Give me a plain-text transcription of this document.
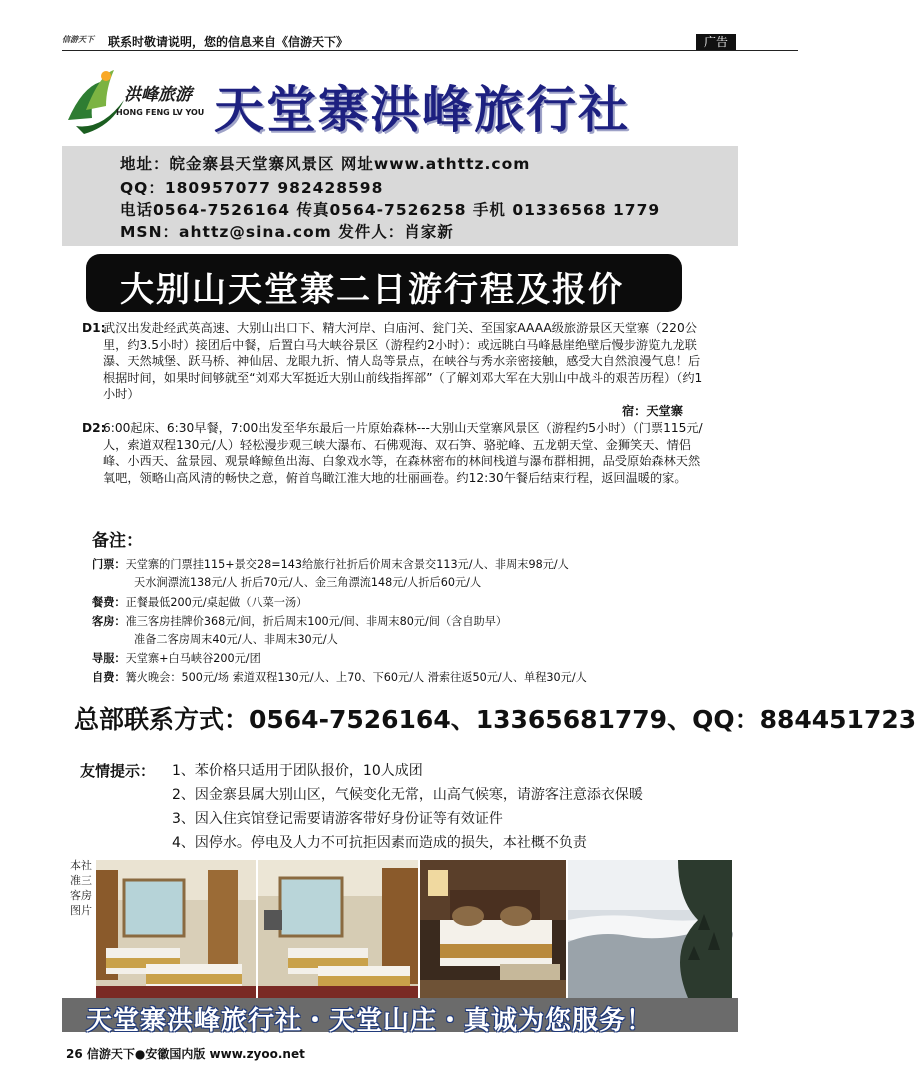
信游天下 联系时敬请说明，您的信息来自《信游天下》	广告
洪峰旅游
HONG FENG LV YOU 天堂寨洪峰旅行社
地址：皖金寨县天堂寨风景区 网址www.athttz.com
QQ：180957077 982428598
电话0564-7526164 传真0564-7526258 手机 01336568 1779
MSN：ahttz@sina.com 发件人：肖家新
大别山天堂寨二日游行程及报价
D1:
武汉出发赴经武英高速、大别山出口下、精大河岸、白庙河、瓮门关、至国家AAAA级旅游景区天堂寨（220公里，约3.5小时）接团后中餐，后置白马大峡谷景区（游程约2小时）：或远眺白马峰悬崖绝壁后慢步游览九龙联瀑、天然城堡、跃马桥、神仙居、龙眼九折、情人岛等景点，在峡谷与秀水亲密接触，感受大自然浪漫气息！后根据时间，如果时间够就至“刘邓大军挺近大别山前线指挥部”（了解刘邓大军在大别山中战斗的艰苦历程）（约1小时）
宿：天堂寨
D2:
6:00起床、6:30早餐，7:00出发至华东最后一片原始森林---大别山天堂寨风景区（游程约5小时）（门票115元/人，索道双程130元/人）轻松漫步观三峡大瀑布、石佛观海、双石笋、骆驼峰、五龙朝天堂、金狮笑天、情侣峰、小西天、盆景园、观景峰鲸鱼出海、白象戏水等，在森林密布的林间栈道与瀑布群相拥，品受原始森林天然氧吧，领略山高风清的畅快之意，俯首鸟瞰江淮大地的壮丽画卷。约12:30午餐后结束行程，返回温暖的家。
备注：
门票：天堂寨的门票挂115+景交28=143给旅行社折后价周末含景交113元/人、非周末98元/人
天水涧漂流138元/人 折后70元/人、金三角漂流148元/人折后60元/人
餐费：正餐最低200元/桌起做（八菜一汤）
客房：准三客房挂牌价368元/间，折后周末100元/间、非周末80元/间（含自助早）
准备二客房周末40元/人、非周末30元/人
导服：天堂寨+白马峡谷200元/团
自费：篝火晚会：500元/场 索道双程130元/人、上70、下60元/人 滑索往返50元/人、单程30元/人
总部联系方式：0564-7526164、13365681779、QQ：884451723
友情提示： 1、苯价格只适用于团队报价，10人成团
2、因金寨县属大别山区，气候变化无常，山高气候寒，请游客注意添衣保暖
3、因入住宾馆登记需要请游客带好身份证等有效证件
4、因停水。停电及人力不可抗拒因素而造成的损失，本社概不负责
本社准三客房图片
天堂寨洪峰旅行社・天堂山庄・真诚为您服务！
26 信游天下●安徽国内版 www.zyoo.net
